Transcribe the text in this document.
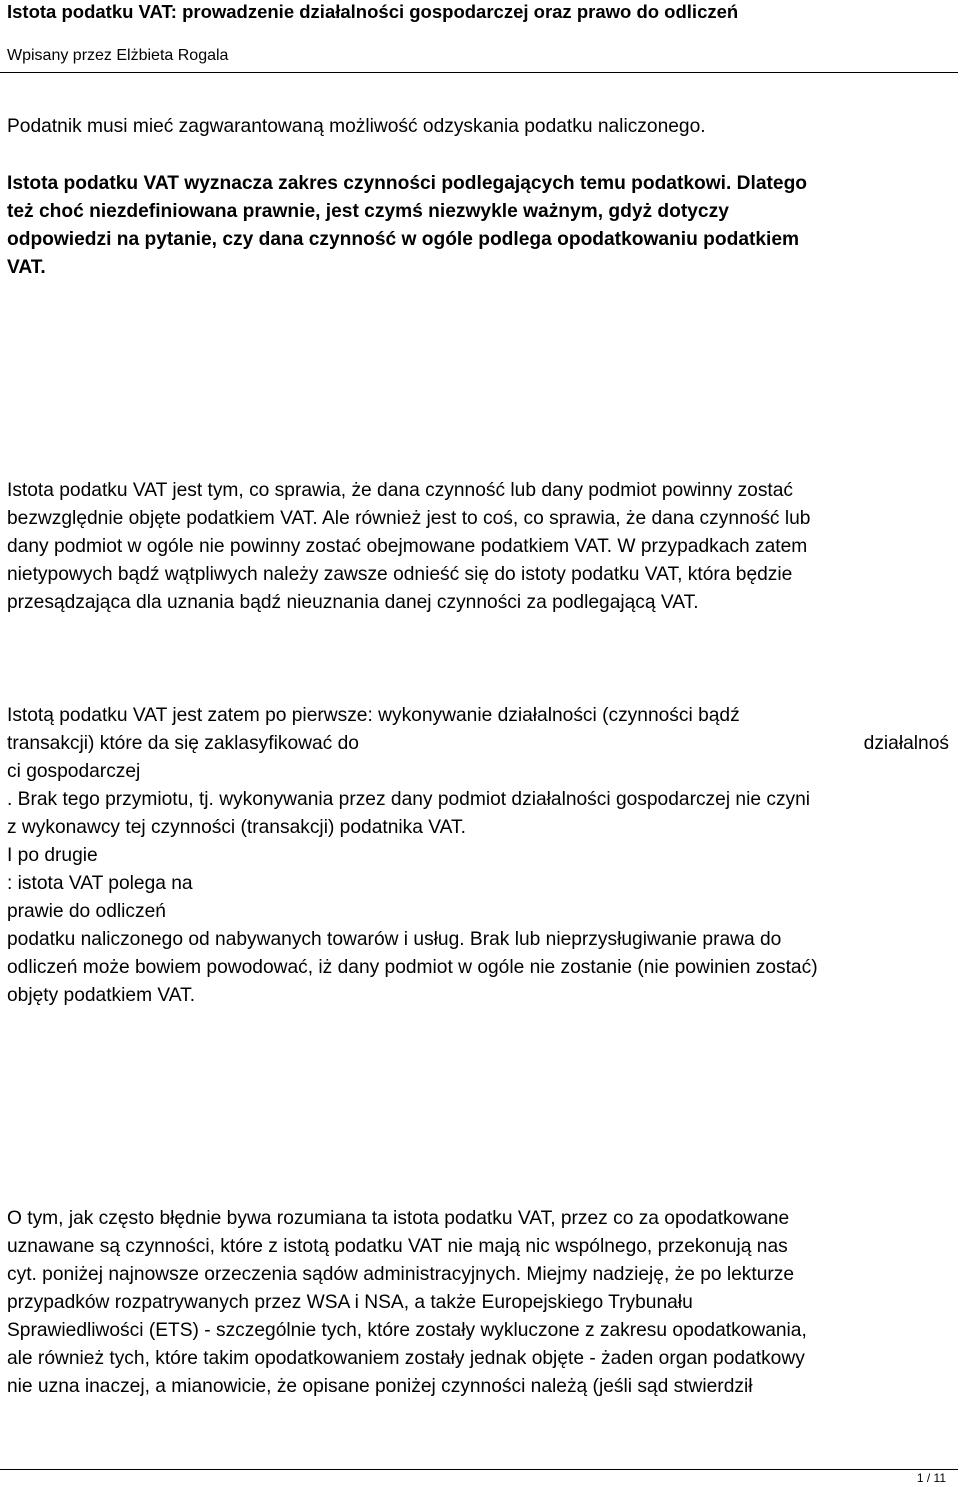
Istota podatku VAT: prowadzenie działalności gospodarczej oraz prawo do odliczeń
Wpisany przez Elżbieta Rogala

Podatnik musi mieć zagwarantowaną możliwość odzyskania podatku naliczonego.

Istota podatku VAT wyznacza zakres czynności podlegających temu podatkowi. Dlatego
też choć niezdefiniowana prawnie, jest czymś niezwykle ważnym, gdyż dotyczy
odpowiedzi na pytanie, czy dana czynność w ogóle podlega opodatkowaniu podatkiem
VAT.

Istota podatku VAT jest tym, co sprawia, że dana czynność lub dany podmiot powinny zostać
bezwzględnie objęte podatkiem VAT. Ale również jest to coś, co sprawia, że dana czynność lub
dany podmiot w ogóle nie powinny zostać obejmowane podatkiem VAT. W przypadkach zatem
nietypowych bądź wątpliwych należy zawsze odnieść się do istoty podatku VAT, która będzie
przesądzająca dla uznania bądź nieuznania danej czynności za podlegającą VAT.

Istotą podatku VAT jest zatem po pierwsze: wykonywanie działalności (czynności bądź
transakcji) które da się zaklasyfikować do	działalnoś
ci gospodarczej
. Brak tego przymiotu, tj. wykonywania przez dany podmiot działalności gospodarczej nie czyni
z wykonawcy tej czynności (transakcji) podatnika VAT.
I po drugie
: istota VAT polega na
prawie do odliczeń
podatku naliczonego od nabywanych towarów i usług. Brak lub nieprzysługiwanie prawa do
odliczeń może bowiem powodować, iż dany podmiot w ogóle nie zostanie (nie powinien zostać)
objęty podatkiem VAT.

O tym, jak często błędnie bywa rozumiana ta istota podatku VAT, przez co za opodatkowane
uznawane są czynności, które z istotą podatku VAT nie mają nic wspólnego, przekonują nas
cyt. poniżej najnowsze orzeczenia sądów administracyjnych. Miejmy nadzieję, że po lekturze
przypadków rozpatrywanych przez WSA i NSA, a także Europejskiego Trybunału
Sprawiedliwości (ETS) - szczególnie tych, które zostały wykluczone z zakresu opodatkowania,
ale również tych, które takim opodatkowaniem zostały jednak objęte - żaden organ podatkowy
nie uzna inaczej, a mianowicie, że opisane poniżej czynności należą (jeśli sąd stwierdził

1 / 11
